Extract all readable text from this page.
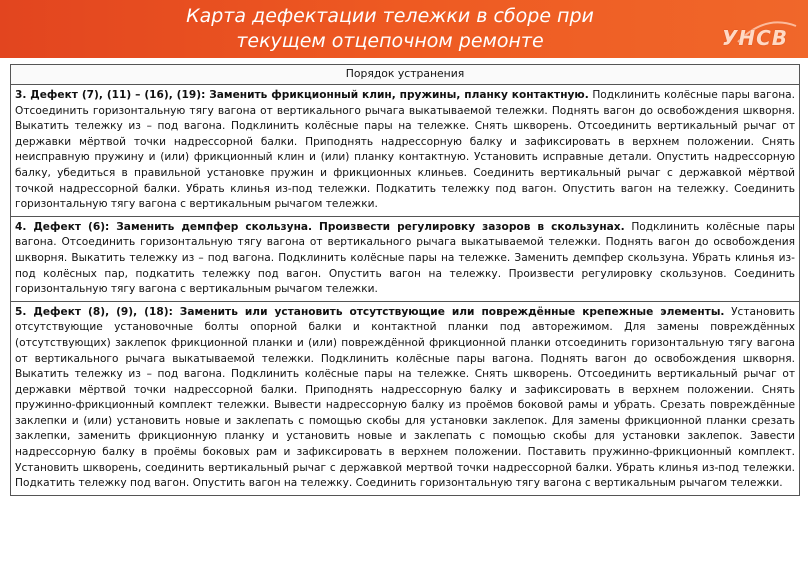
Карта дефектации тележки в сборе при
текущем отцепочном ремонте	УНСВ
Порядок устранения
3. Дефект (7), (11) – (16), (19): Заменить фрикционный клин, пружины, планку контактную. Подклинить колёсные пары вагона. Отсоединить горизонтальную тягу вагона от вертикального рычага выкатываемой тележки. Поднять вагон до освобождения шкворня. Выкатить тележку из – под вагона. Подклинить колёсные пары на тележке. Снять шкворень. Отсоединить вертикальный рычаг от державки мёртвой точки надрессорной балки. Приподнять надрессорную балку и зафиксировать в верхнем положении. Снять неисправную пружину и (или) фрикционный клин и (или) планку контактную. Установить исправные детали. Опустить надрессорную балку, убедиться в правильной установке пружин и фрикционных клиньев. Соединить вертикальный рычаг с державкой мёртвой точкой надрессорной балки. Убрать клинья из-под тележки. Подкатить тележку под вагон. Опустить вагон на тележку. Соединить горизонтальную тягу вагона с вертикальным рычагом тележки.
4. Дефект (6): Заменить демпфер скользуна. Произвести регулировку зазоров в скользунах. Подклинить колёсные пары вагона. Отсоединить горизонтальную тягу вагона от вертикального рычага выкатываемой тележки. Поднять вагон до освобождения шкворня. Выкатить тележку из – под вагона. Подклинить колёсные пары на тележке. Заменить демпфер скользуна. Убрать клинья из-под колёсных пар, подкатить тележку под вагон. Опустить вагон на тележку. Произвести регулировку скользунов. Соединить горизонтальную тягу вагона с вертикальным рычагом тележки.
5. Дефект (8), (9), (18): Заменить или установить отсутствующие или повреждённые крепежные элементы. Установить отсутствующие установочные болты опорной балки и контактной планки под авторежимом. Для замены повреждённых (отсутствующих) заклепок фрикционной планки и (или) повреждённой фрикционной планки отсоединить горизонтальную тягу вагона от вертикального рычага выкатываемой тележки. Подклинить колёсные пары вагона. Поднять вагон до освобождения шкворня. Выкатить тележку из – под вагона. Подклинить колёсные пары на тележке. Снять шкворень. Отсоединить вертикальный рычаг от державки мёртвой точки надрессорной балки. Приподнять надрессорную балку и зафиксировать в верхнем положении. Снять пружинно-фрикционный комплект тележки. Вывести надрессорную балку из проёмов боковой рамы и убрать. Срезать повреждённые заклепки и (или) установить новые и заклепать с помощью скобы для установки заклепок. Для замены фрикционной планки срезать заклепки, заменить фрикционную планку и установить новые и заклепать с помощью скобы для установки заклепок. Завести надрессорную балку в проёмы боковых рам и зафиксировать в верхнем положении. Поставить пружинно-фрикционный комплект. Установить шкворень, соединить вертикальный рычаг с державкой мертвой точки надрессорной балки. Убрать клинья из-под тележки. Подкатить тележку под вагон. Опустить вагон на тележку. Соединить горизонтальную тягу вагона с вертикальным рычагом тележки.
